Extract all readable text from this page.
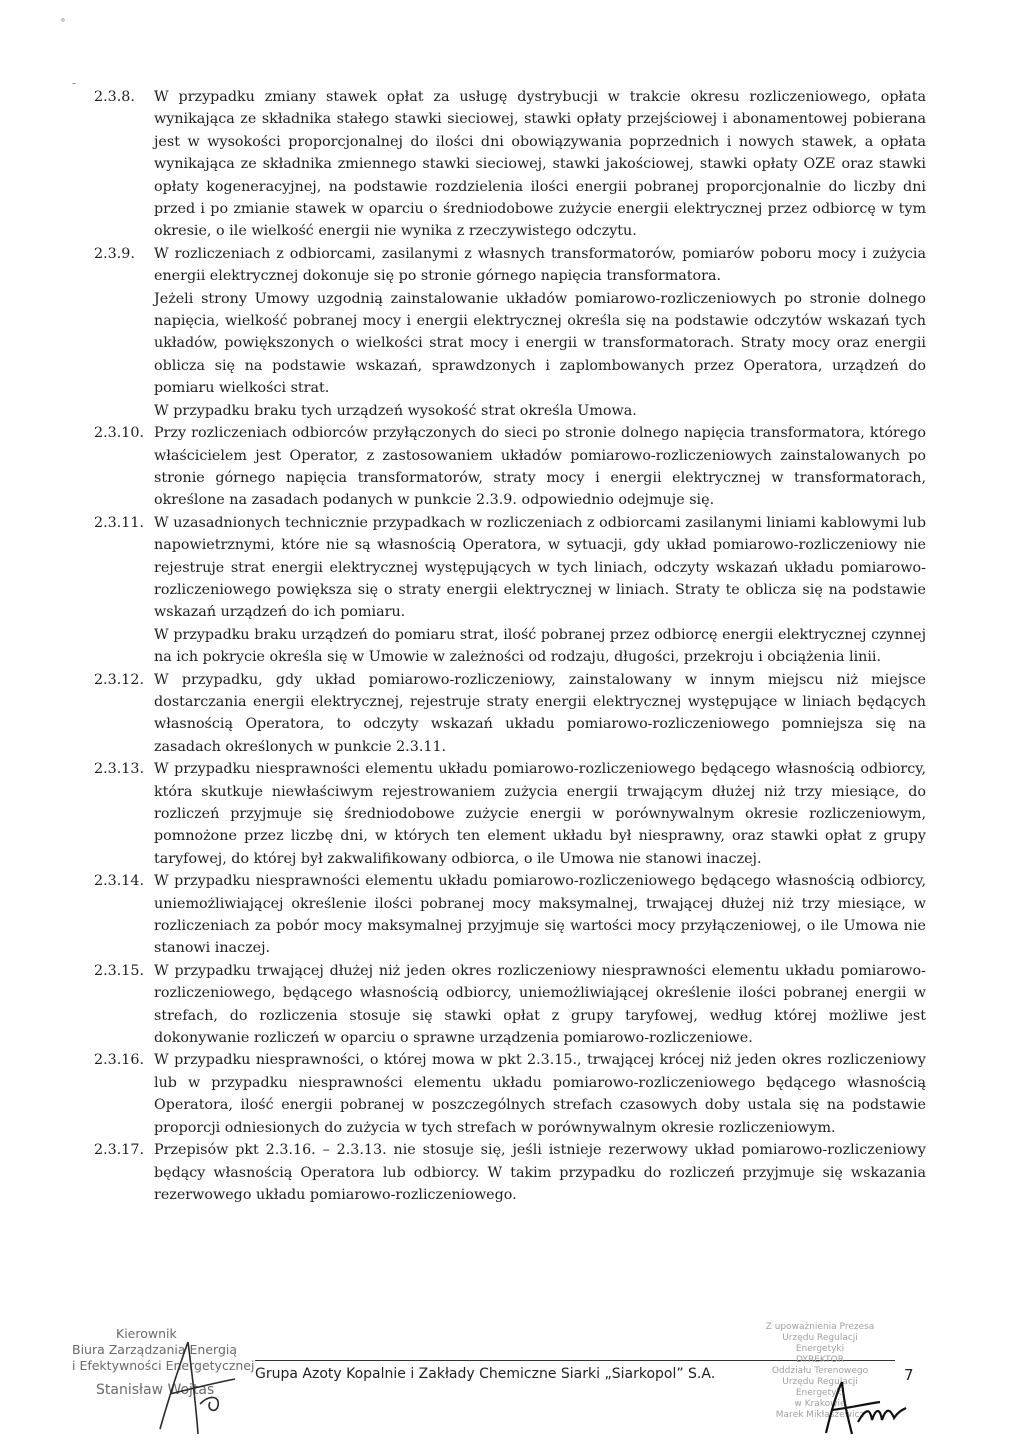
˚
-
2.3.8.	W przypadku zmiany stawek opłat za usługę dystrybucji w trakcie okresu rozliczeniowego, opłata wynikająca ze składnika stałego stawki sieciowej, stawki opłaty przejściowej i abonamentowej pobierana jest w wysokości proporcjonalnej do ilości dni obowiązywania poprzednich i nowych stawek, a opłata wynikająca ze składnika zmiennego stawki sieciowej, stawki jakościowej, stawki opłaty OZE oraz stawki opłaty kogeneracyjnej, na podstawie rozdzielenia ilości energii pobranej proporcjonalnie do liczby dni przed i po zmianie stawek w oparciu o średniodobowe zużycie energii elektrycznej przez odbiorcę w tym okresie, o ile wielkość energii nie wynika z rzeczywistego odczytu.

2.3.9.	W rozliczeniach z odbiorcami, zasilanymi z własnych transformatorów, pomiarów poboru mocy i zużycia energii elektrycznej dokonuje się po stronie górnego napięcia transformatora.

Jeżeli strony Umowy uzgodnią zainstalowanie układów pomiarowo-rozliczeniowych po stronie dolnego napięcia, wielkość pobranej mocy i energii elektrycznej określa się na podstawie odczytów wskazań tych układów, powiększonych o wielkości strat mocy i energii w transformatorach. Straty mocy oraz energii oblicza się na podstawie wskazań, sprawdzonych i zaplombowanych przez Operatora, urządzeń do pomiaru wielkości strat.

W przypadku braku tych urządzeń wysokość strat określa Umowa.

2.3.10. Przy rozliczeniach odbiorców przyłączonych do sieci po stronie dolnego napięcia transformatora, którego właścicielem jest Operator, z zastosowaniem układów pomiarowo-rozliczeniowych zainstalowanych po stronie górnego napięcia transformatorów, straty mocy i energii elektrycznej w transformatorach, określone na zasadach podanych w punkcie 2.3.9. odpowiednio odejmuje się.

2.3.11. W uzasadnionych technicznie przypadkach w rozliczeniach z odbiorcami zasilanymi liniami kablowymi lub napowietrznymi, które nie są własnością Operatora, w sytuacji, gdy układ pomiarowo-rozliczeniowy nie rejestruje strat energii elektrycznej występujących w tych liniach, odczyty wskazań układu pomiarowo-rozliczeniowego powiększa się o straty energii elektrycznej w liniach. Straty te oblicza się na podstawie wskazań urządzeń do ich pomiaru.

W przypadku braku urządzeń do pomiaru strat, ilość pobranej przez odbiorcę energii elektrycznej czynnej na ich pokrycie określa się w Umowie w zależności od rodzaju, długości, przekroju i obciążenia linii.

2.3.12. W przypadku, gdy układ pomiarowo-rozliczeniowy, zainstalowany w innym miejscu niż miejsce dostarczania energii elektrycznej, rejestruje straty energii elektrycznej występujące w liniach będących własnością Operatora, to odczyty wskazań układu pomiarowo-rozliczeniowego pomniejsza się na zasadach określonych w punkcie 2.3.11.

2.3.13. W przypadku niesprawności elementu układu pomiarowo-rozliczeniowego będącego własnością odbiorcy, która skutkuje niewłaściwym rejestrowaniem zużycia energii trwającym dłużej niż trzy miesiące, do rozliczeń przyjmuje się średniodobowe zużycie energii w porównywalnym okresie rozliczeniowym, pomnożone przez liczbę dni, w których ten element układu był niesprawny, oraz stawki opłat z grupy taryfowej, do której był zakwalifikowany odbiorca, o ile Umowa nie stanowi inaczej.

2.3.14. W przypadku niesprawności elementu układu pomiarowo-rozliczeniowego będącego własnością odbiorcy, uniemożliwiającej określenie ilości pobranej mocy maksymalnej, trwającej dłużej niż trzy miesiące, w rozliczeniach za pobór mocy maksymalnej przyjmuje się wartości mocy przyłączeniowej, o ile Umowa nie stanowi inaczej.

2.3.15. W przypadku trwającej dłużej niż jeden okres rozliczeniowy niesprawności elementu układu pomiarowo-rozliczeniowego, będącego własnością odbiorcy, uniemożliwiającej określenie ilości pobranej energii w strefach, do rozliczenia stosuje się stawki opłat z grupy taryfowej, według której możliwe jest dokonywanie rozliczeń w oparciu o sprawne urządzenia pomiarowo-rozliczeniowe.

2.3.16. W przypadku niesprawności, o której mowa w pkt 2.3.15., trwającej krócej niż jeden okres rozliczeniowy lub w przypadku niesprawności elementu układu pomiarowo-rozliczeniowego będącego własnością Operatora, ilość energii pobranej w poszczególnych strefach czasowych doby ustala się na podstawie proporcji odniesionych do zużycia w tych strefach w porównywalnym okresie rozliczeniowym.

2.3.17. Przepisów pkt 2.3.16. – 2.3.13. nie stosuje się, jeśli istnieje rezerwowy układ pomiarowo-rozliczeniowy będący własnością Operatora lub odbiorcy. W takim przypadku do rozliczeń przyjmuje się wskazania rezerwowego układu pomiarowo-rozliczeniowego.

Kierownik
Biura Zarządzania Energią
i Efektywności Energetycznej
Stanisław Wojtas
Grupa Azoty Kopalnie i Zakłady Chemiczne Siarki „Siarkopol” S.A.	7
Z upoważnienia Prezesa
Urzędu Regulacji Energetyki
DYREKTOR
Oddziału Terenowego
Urzędu Regulacji Energetyki
w Krakowie
Marek Mikłaszewicz
